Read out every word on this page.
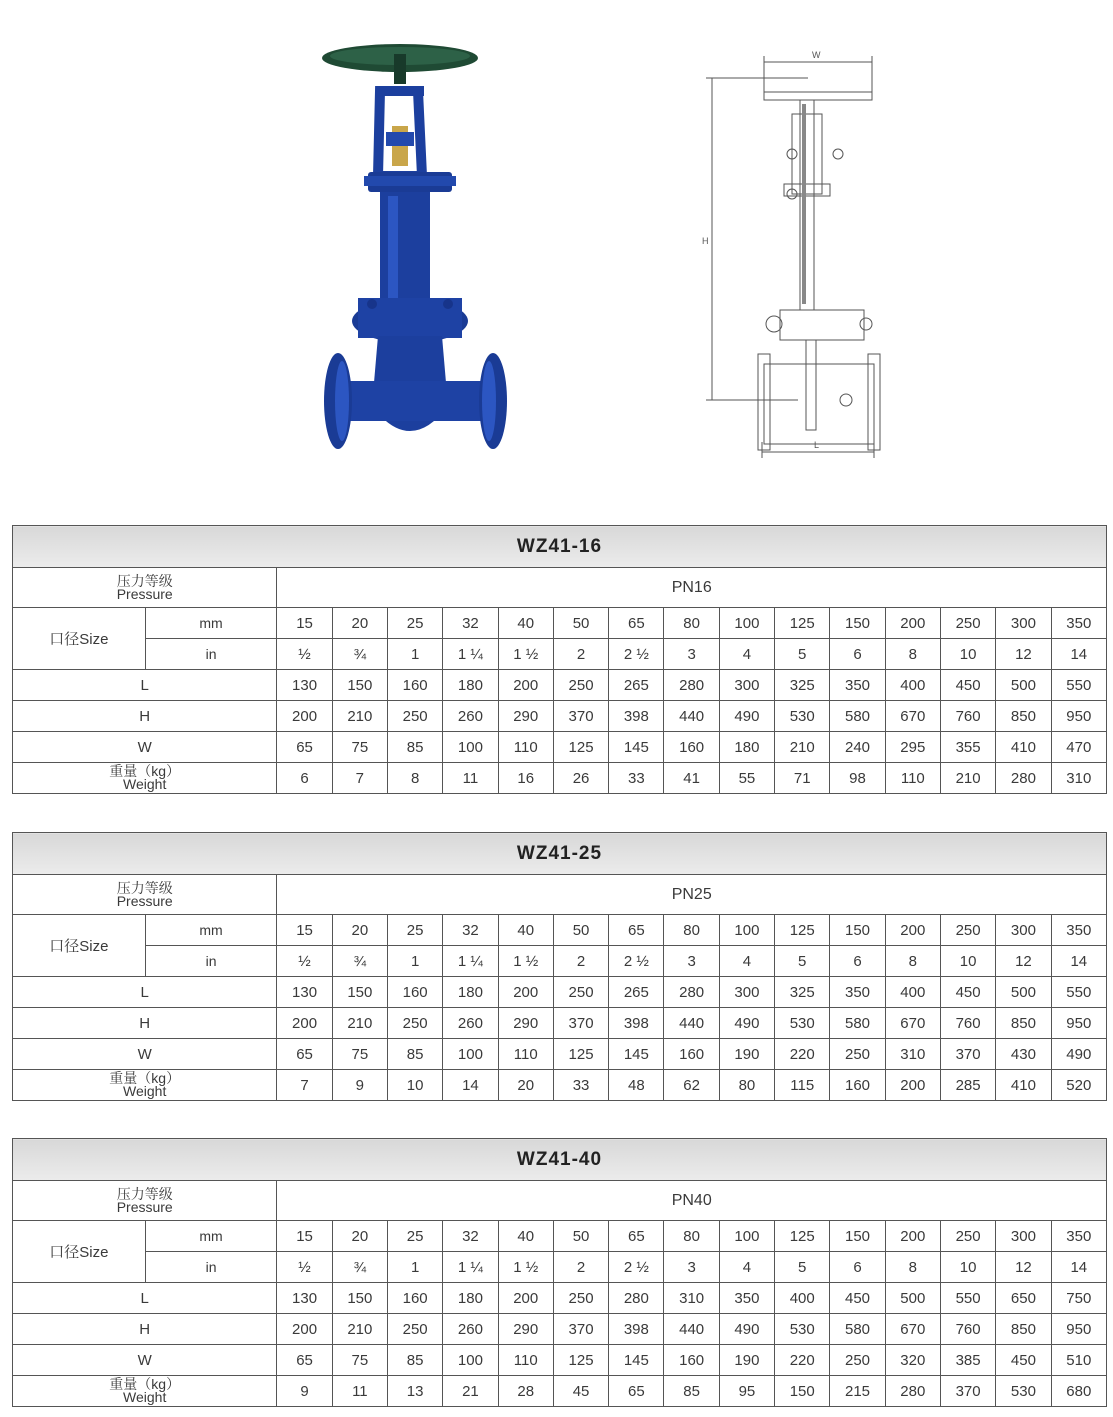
W
H
L
WZ41-16																

压力等级
Pressure		PN16														
口径Size	mm	15	20	25	32	40	50	65	80	100	125	150	200	250	300	350
	in	½	¾	1	1 ¼	1 ½	2	2 ½	3	4	5	6	8	10	12	14
L		130	150	160	180	200	250	265	280	300	325	350	400	450	500	550
H		200	210	250	260	290	370	398	440	490	530	580	670	760	850	950
W		65	75	85	100	110	125	145	160	180	210	240	295	355	410	470

重量（kg）
Weight		6	7	8	11	16	26	33	41	55	71	98	110	210	280	310
WZ41-25																

压力等级
Pressure		PN25														
口径Size	mm	15	20	25	32	40	50	65	80	100	125	150	200	250	300	350
	in	½	¾	1	1 ¼	1 ½	2	2 ½	3	4	5	6	8	10	12	14
L		130	150	160	180	200	250	265	280	300	325	350	400	450	500	550
H		200	210	250	260	290	370	398	440	490	530	580	670	760	850	950
W		65	75	85	100	110	125	145	160	190	220	250	310	370	430	490

重量（kg）
Weight		7	9	10	14	20	33	48	62	80	115	160	200	285	410	520
WZ41-40																

压力等级
Pressure		PN40														
口径Size	mm	15	20	25	32	40	50	65	80	100	125	150	200	250	300	350
	in	½	¾	1	1 ¼	1 ½	2	2 ½	3	4	5	6	8	10	12	14
L		130	150	160	180	200	250	280	310	350	400	450	500	550	650	750
H		200	210	250	260	290	370	398	440	490	530	580	670	760	850	950
W		65	75	85	100	110	125	145	160	190	220	250	320	385	450	510

重量（kg）
Weight		9	11	13	21	28	45	65	85	95	150	215	280	370	530	680
